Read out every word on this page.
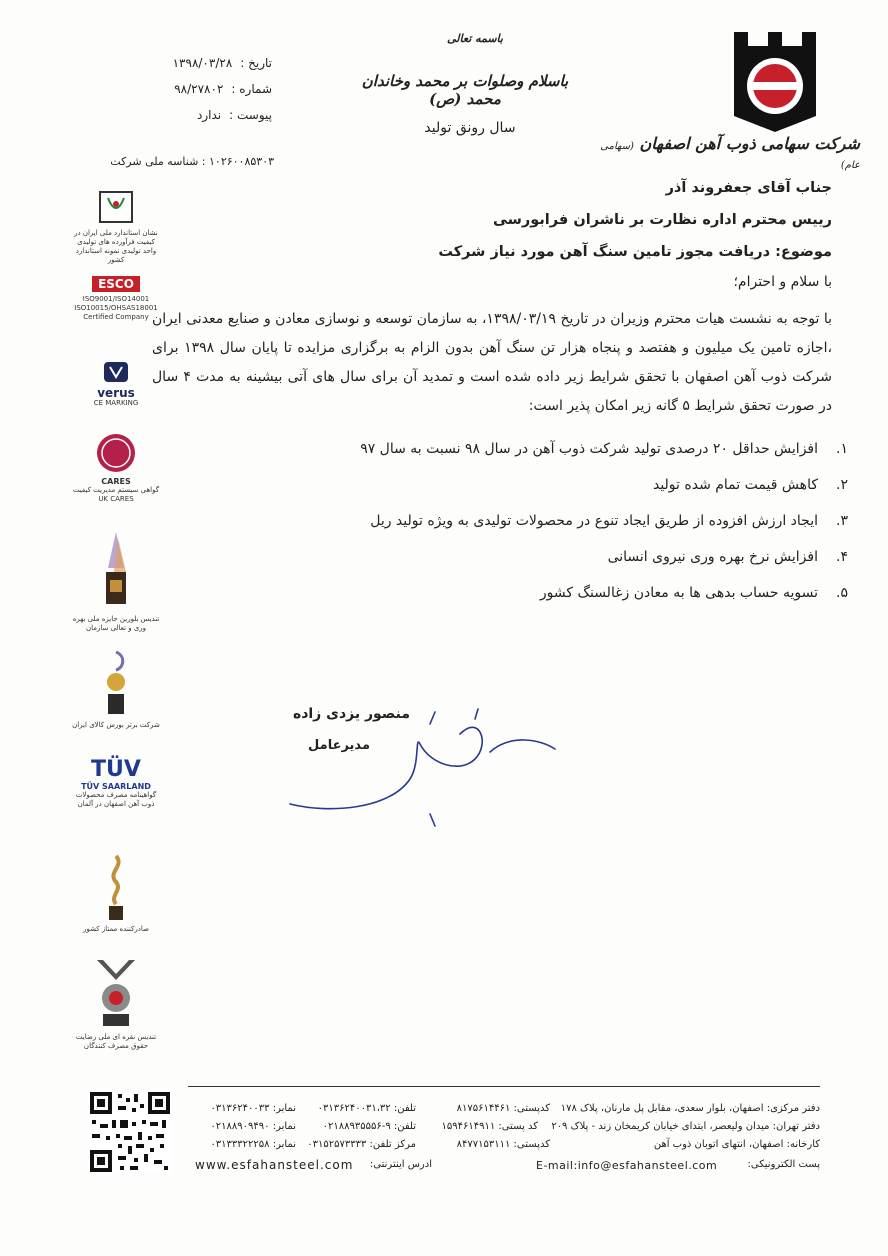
شرکت سهامی ذوب آهن اصفهان (سهامی عام)
باسمه تعالی
باسلام وصلوات بر محمد وخاندان محمد (ص)
سال رونق تولید
تاریخ :
۱۳۹۸/۰۳/۲۸
شماره :
۹۸/۲۷۸۰۲
پیوست :
ندارد
۱۰۲۶۰۰۸۵۳۰۳ : شناسه ملی شرکت
جناب آقای جعفروند آذر
رییس محترم اداره نظارت بر ناشران فرابورسی
موضوع: دریافت مجوز تامین سنگ آهن مورد نیاز شرکت
با سلام و احترام؛
با توجه به نشست هیات محترم وزیران در تاریخ ۱۳۹۸/۰۳/۱۹، به سازمان توسعه و نوسازی معادن و صنایع معدنی ایران ،اجازه تامین یک میلیون و هفتصد و پنجاه هزار تن سنگ آهن بدون الزام به برگزاری مزایده تا پایان سال ۱۳۹۸ برای شرکت ذوب آهن اصفهان با تحقق شرایط زیر داده شده است و تمدید آن برای سال های آتی بیشینه به مدت ۴ سال در صورت تحقق شرایط ۵ گانه زیر امکان پذیر است:
۱.
افزایش حداقل ۲۰ درصدی تولید شرکت ذوب آهن در سال ۹۸ نسبت به سال ۹۷
۲.
کاهش قیمت تمام شده تولید
۳.
ایجاد ارزش افزوده از طریق ایجاد تنوع در محصولات تولیدی به ویژه تولید ریل
۴.
افزایش نرخ بهره وری نیروی انسانی
۵.
تسویه حساب بدهی ها به معادن زغالسنگ کشور
منصور یزدی زاده
مدیرعامل
نشان استاندارد ملی ایران در کیفیت فرآورده های تولیدی واحد تولیدی نمونه استاندارد کشور
ESCO
ISO9001/ISO14001 ISO10015/OHSAS18001 Certified Company
verus
CE MARKING
CARES
گواهی سیستم مدیریت کیفیت UK CARES
تندیس بلورین جایزه ملی بهره وری و تعالی سازمان
شرکت برتر بورس کالای ایران
TÜV
TÜV SAARLAND
گواهینامه مصرف محصولات ذوب آهن اصفهان در آلمان
صادرکننده ممتاز کشور
تندیس نقره ای ملی رضایت حقوق مصرف کنندگان
دفتر مرکزی: اصفهان، بلوار سعدی، مقابل پل مارنان، پلاک ۱۷۸
کدپستی: ۸۱۷۵۶۱۴۴۶۱
تلفن: ۰۳۱۳۶۲۴۰۰۳۱،۳۲
نمابر: ۰۳۱۳۶۲۴۰۰۳۳
دفتر تهران: میدان ولیعصر، ابتدای خیابان کریمخان زند - پلاک ۲۰۹
کد پستی: ۱۵۹۴۶۱۴۹۱۱
تلفن: ۹-۰۲۱۸۸۹۳۵۵۵۶
نمابر: ۰۲۱۸۸۹۰۹۴۹۰
کارخانه: اصفهان، انتهای اتوبان ذوب آهن
کدپستی: ۸۴۷۷۱۵۳۱۱۱
مرکز تلفن: ۰۳۱۵۲۵۷۳۳۳۳
نمابر: ۰۳۱۳۳۳۲۲۲۵۸
پست الکترونیکی:
E-mail:info@esfahansteel.com
ادرس اینترنتی:
www.esfahansteel.com
